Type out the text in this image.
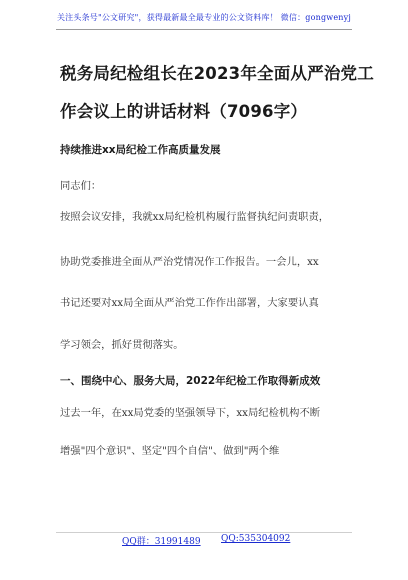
关注头条号"公文研究"，获得最新最全最专业的公文资料库！ 微信：gongwenyj
税务局纪检组长在2023年全面从严治党工
作会议上的讲话材料（7096字）
持续推进xx局纪检工作高质量发展
同志们：
按照会议安排，我就xx局纪检机构履行监督执纪问责职责，
协助党委推进全面从严治党情况作工作报告。一会儿，xx
书记还要对xx局全面从严治党工作作出部署，大家要认真
学习领会，抓好贯彻落实。
一、围绕中心、服务大局，2022年纪检工作取得新成效
过去一年，在xx局党委的坚强领导下，xx局纪检机构不断
增强"四个意识"、坚定"四个自信"、做到"两个维
QQ群：31991489 QQ:535304092
